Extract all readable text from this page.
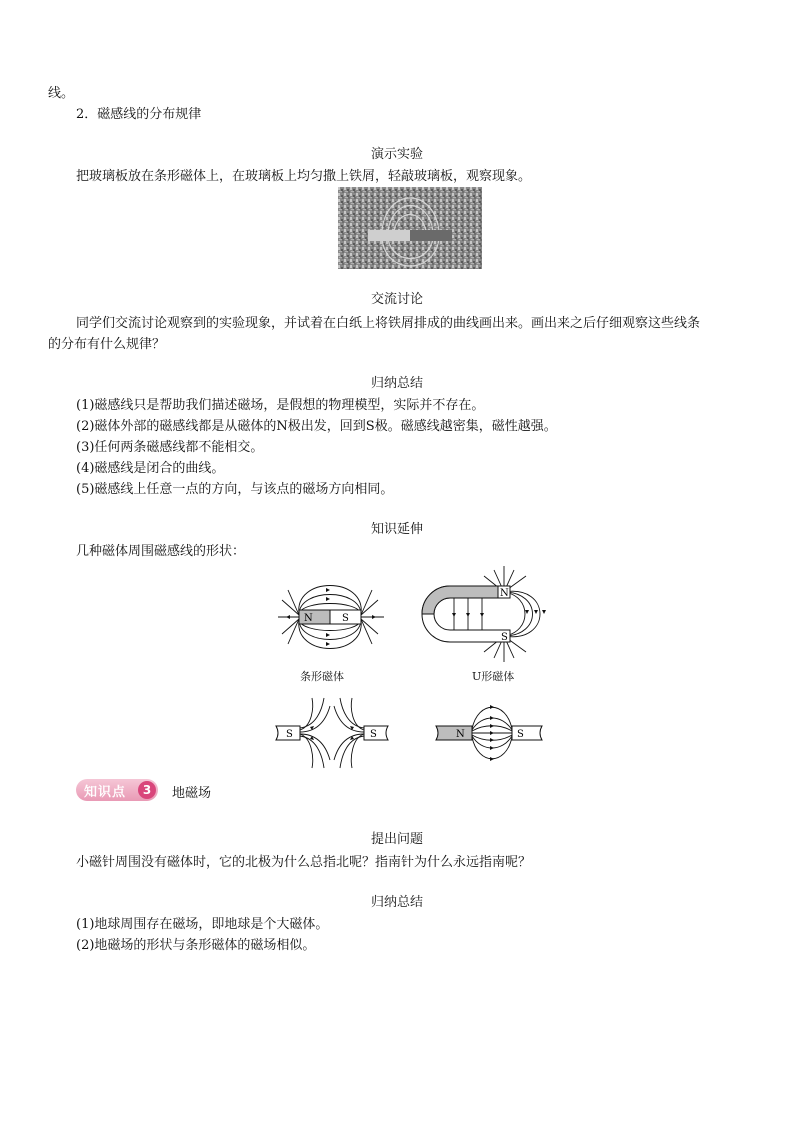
线。
2．磁感线的分布规律
演示实验
把玻璃板放在条形磁体上，在玻璃板上均匀撒上铁屑，轻敲玻璃板，观察现象。
交流讨论
同学们交流讨论观察到的实验现象，并试着在白纸上将铁屑排成的曲线画出来。画出来之后仔细观察这些线条
的分布有什么规律？
归纳总结
(1)磁感线只是帮助我们描述磁场，是假想的物理模型，实际并不存在。
(2)磁体外部的磁感线都是从磁体的N极出发，回到S极。磁感线越密集，磁性越强。
(3)任何两条磁感线都不能相交。
(4)磁感线是闭合的曲线。
(5)磁感线上任意一点的方向，与该点的磁场方向相同。
知识延伸
几种磁体周围磁感线的形状：
N	S
条形磁体
N
S
U形磁体
S	S	N	S
知识点	3	地磁场
提出问题
小磁针周围没有磁体时，它的北极为什么总指北呢？指南针为什么永远指南呢？
归纳总结
(1)地球周围存在磁场，即地球是个大磁体。
(2)地磁场的形状与条形磁体的磁场相似。
